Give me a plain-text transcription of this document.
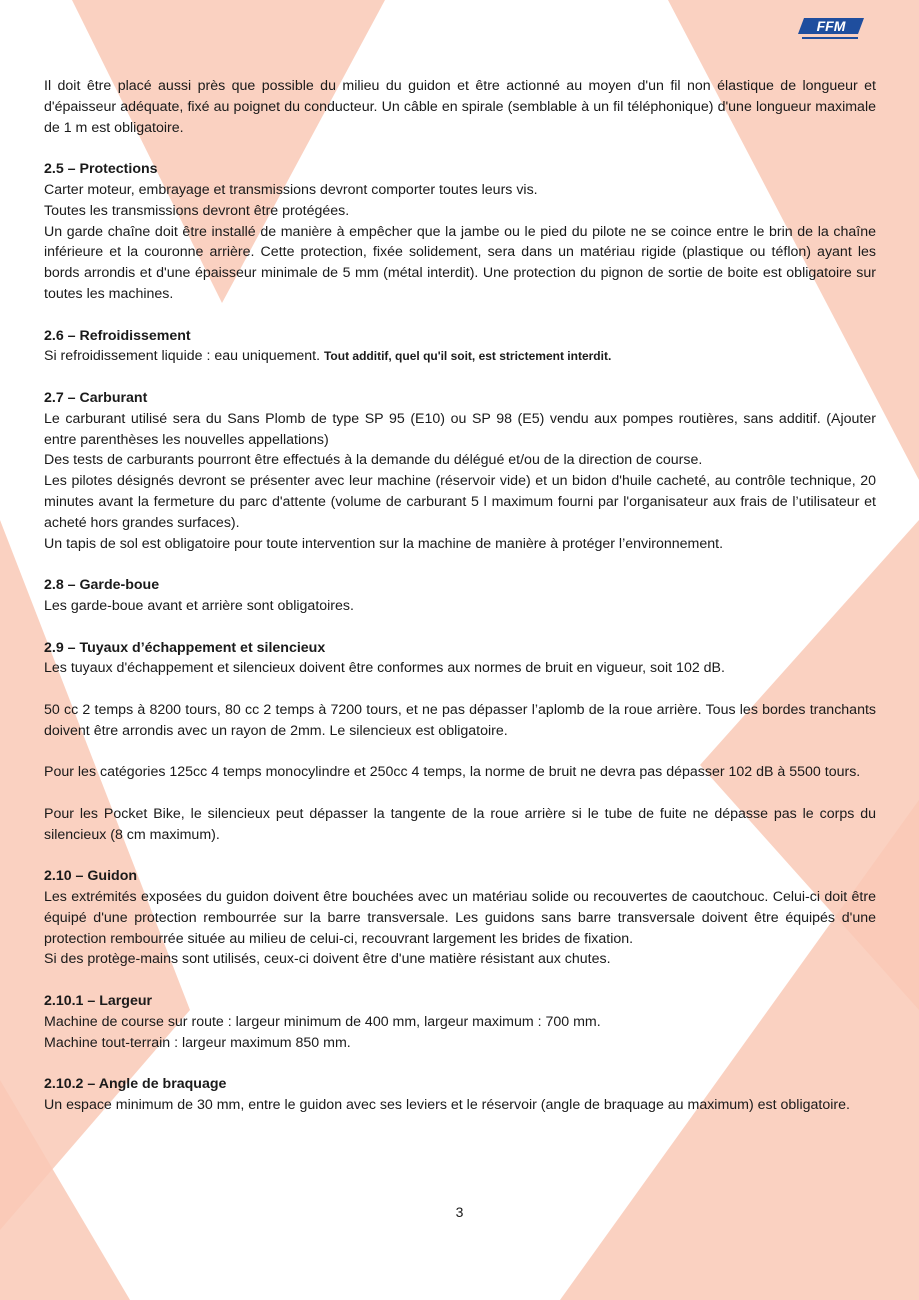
FFM

Il doit être placé aussi près que possible du milieu du guidon et être actionné au moyen d'un fil non élastique de longueur et d'épaisseur adéquate, fixé au poignet du conducteur. Un câble en spirale (semblable à un fil téléphonique) d'une longueur maximale de 1 m est obligatoire.

2.5 – Protections

Carter moteur, embrayage et transmissions devront comporter toutes leurs vis.

Toutes les transmissions devront être protégées.

Un garde chaîne doit être installé de manière à empêcher que la jambe ou le pied du pilote ne se coince entre le brin de la chaîne inférieure et la couronne arrière. Cette protection, fixée solidement, sera dans un matériau rigide (plastique ou téflon) ayant les bords arrondis et d'une épaisseur minimale de 5 mm (métal interdit). Une protection du pignon de sortie de boite est obligatoire sur toutes les machines.

2.6 – Refroidissement

Si refroidissement liquide : eau uniquement. Tout additif, quel qu'il soit, est strictement interdit.

2.7 – Carburant

Le carburant utilisé sera du Sans Plomb de type SP 95 (E10) ou SP 98 (E5) vendu aux pompes routières, sans additif. (Ajouter entre parenthèses les nouvelles appellations)

Des tests de carburants pourront être effectués à la demande du délégué et/ou de la direction de course.

Les pilotes désignés devront se présenter avec leur machine (réservoir vide) et un bidon d'huile cacheté, au contrôle technique, 20 minutes avant la fermeture du parc d'attente (volume de carburant 5 l maximum fourni par l'organisateur aux frais de l’utilisateur et acheté hors grandes surfaces).

Un tapis de sol est obligatoire pour toute intervention sur la machine de manière à protéger l’environnement.

2.8 – Garde-boue

Les garde-boue avant et arrière sont obligatoires.

2.9 – Tuyaux d’échappement et silencieux

Les tuyaux d'échappement et silencieux doivent être conformes aux normes de bruit en vigueur, soit 102 dB.

50 cc 2 temps à 8200 tours, 80 cc 2 temps à 7200 tours, et ne pas dépasser l’aplomb de la roue arrière. Tous les bordes tranchants doivent être arrondis avec un rayon de 2mm. Le silencieux est obligatoire.

Pour les catégories 125cc 4 temps monocylindre et 250cc 4 temps, la norme de bruit ne devra pas dépasser 102 dB à 5500 tours.

Pour les Pocket Bike, le silencieux peut dépasser la tangente de la roue arrière si le tube de fuite ne dépasse pas le corps du silencieux (8 cm maximum).

2.10 – Guidon

Les extrémités exposées du guidon doivent être bouchées avec un matériau solide ou recouvertes de caoutchouc. Celui-ci doit être équipé d'une protection rembourrée sur la barre transversale. Les guidons sans barre transversale doivent être équipés d'une protection rembourrée située au milieu de celui-ci, recouvrant largement les brides de fixation.

Si des protège-mains sont utilisés, ceux-ci doivent être d'une matière résistant aux chutes.

2.10.1 – Largeur

Machine de course sur route : largeur minimum de 400 mm, largeur maximum : 700 mm.

Machine tout-terrain : largeur maximum 850 mm.

2.10.2 – Angle de braquage

Un espace minimum de 30 mm, entre le guidon avec ses leviers et le réservoir (angle de braquage au maximum) est obligatoire.

3
